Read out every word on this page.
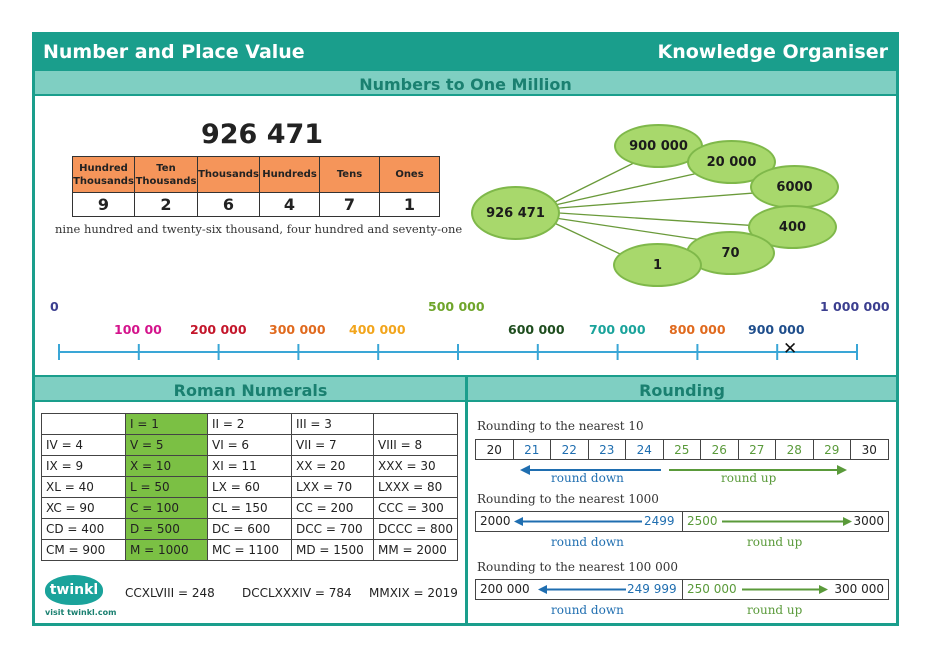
Number and Place Value	Knowledge Organiser
Numbers to One Million
926 471
Hundred Thousands	Ten Thousands	Thousands	Hundreds	Tens	Ones
9	2	6	4	7	1
nine hundred and twenty-six thousand, four hundred and seventy-one
926 471
900 000
20 000
6000
400
70
1
0
100 00 200 000 300 000 400 000
500 000
600 000 700 000 800 000 900 000
1 000 000
✕
Roman Numerals	Rounding
	I = 1	II = 2	III = 3	
IV = 4	V = 5	VI = 6	VII = 7	VIII = 8
IX = 9	X = 10	XI = 11	XX = 20	XXX = 30
XL = 40	L = 50	LX = 60	LXX = 70	LXXX = 80
XC = 90	C = 100	CL = 150	CC = 200	CCC = 300
CD = 400	D = 500	DC = 600	DCC = 700	DCCC = 800
CM = 900	M = 1000	MC = 1100	MD = 1500	MM = 2000
twinkl
visit twinkl.com
CCXLVIII = 248 DCCLXXXIV = 784 MMXIX = 2019
Rounding to the nearest 10
20	21	22	23	24	25	26	27	28	29	30
round down	round up
Rounding to the nearest 1000
2000	2499 2500	3000
round down	round up
Rounding to the nearest 100 000
200 000	249 999 250 000	300 000
round down	round up
